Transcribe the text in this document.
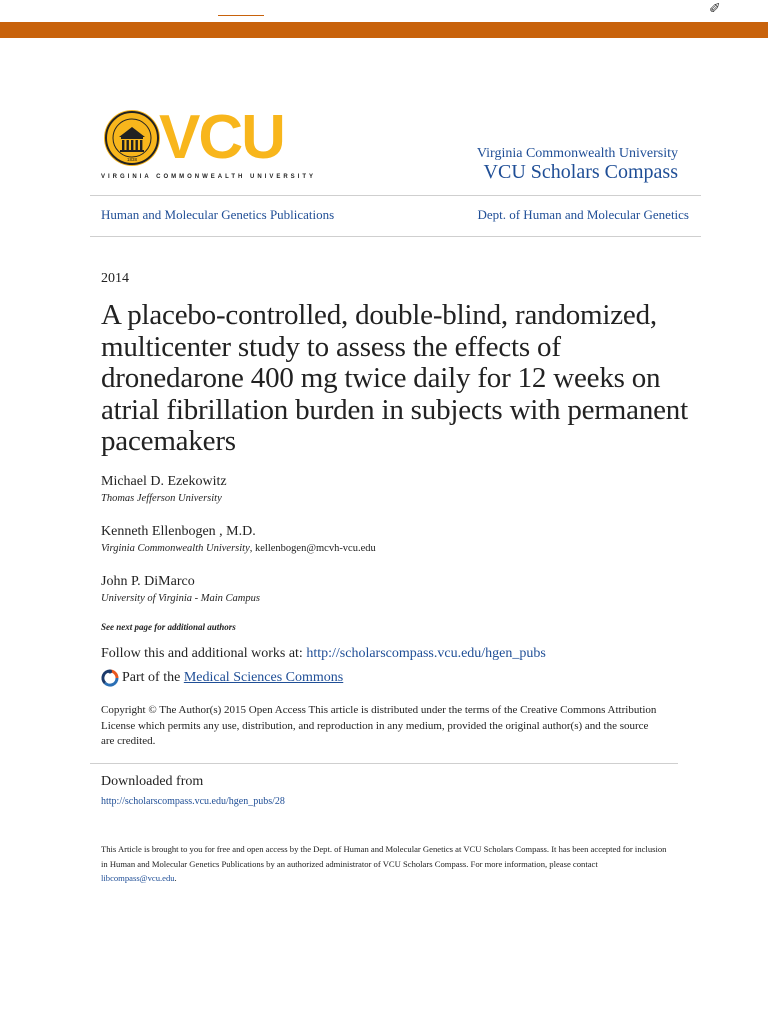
✐
1838 VCU
VIRGINIA COMMONWEALTH UNIVERSITY
Virginia Commonwealth University
VCU Scholars Compass
Human and Molecular Genetics Publications	Dept. of Human and Molecular Genetics
2014
A placebo-controlled, double-blind, randomized, multicenter study to assess the effects of dronedarone 400 mg twice daily for 12 weeks on atrial fibrillation burden in subjects with permanent pacemakers
Michael D. Ezekowitz
Thomas Jefferson University
Kenneth Ellenbogen , M.D.
Virginia Commonwealth University, kellenbogen@mcvh-vcu.edu
John P. DiMarco
University of Virginia - Main Campus
See next page for additional authors
Follow this and additional works at: http://scholarscompass.vcu.edu/hgen_pubs
Part of the
Medical Sciences Commons

Copyright © The Author(s) 2015 Open Access This article is distributed under the terms of the Creative Commons Attribution License which permits any use, distribution, and reproduction in any medium, provided the original author(s) and the source are credited.

Downloaded from
http://scholarscompass.vcu.edu/hgen_pubs/28

This Article is brought to you for free and open access by the Dept. of Human and Molecular Genetics at VCU Scholars Compass. It has been accepted for inclusion in Human and Molecular Genetics Publications by an authorized administrator of VCU Scholars Compass. For more information, please contact libcompass@vcu.edu.
